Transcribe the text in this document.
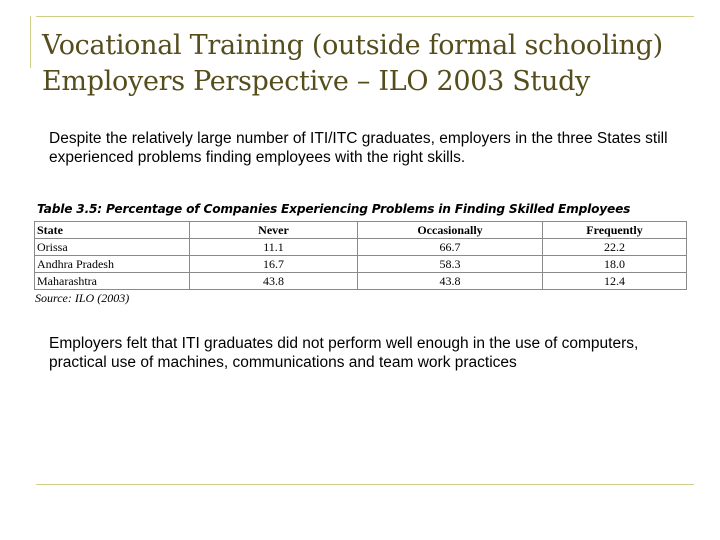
Vocational Training (outside formal schooling)
Employers Perspective – ILO 2003 Study
Despite the relatively large number of ITI/ITC graduates, employers in the three States still experienced problems finding employees with the right skills.
Table 3.5: Percentage of Companies Experiencing Problems in Finding Skilled Employees
State	Never	Occasionally	Frequently
Orissa	11.1	66.7	22.2
Andhra Pradesh	16.7	58.3	18.0
Maharashtra	43.8	43.8	12.4
Source: ILO (2003)
Employers felt that ITI graduates did not perform well enough in the use of computers, practical use of machines, communications and team work practices
